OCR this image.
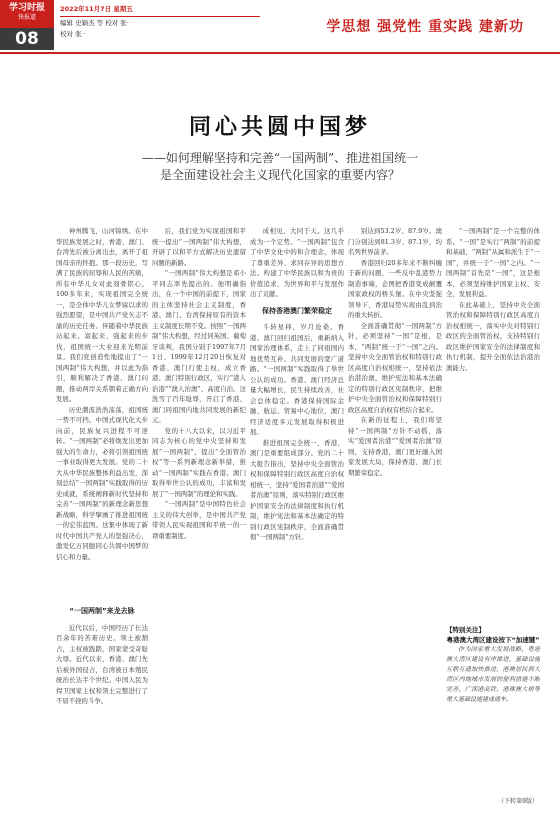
学习时报
快报道
08
2022年11月7日 星期五
编辑 史颖杰 等 校对 张·
校对 张 ·	学思想 强党性 重实践 建新功
同心共圆中国梦
——如何理解坚持和完善“一国两制”、推进祖国统一
是全面建设社会主义现代化国家的重要内容？

神州腾飞，山河锦绣。在中华民族发展之时，香港、澳门、台湾先后被分离出去，离开了祖国母亲的怀抱。那一段历史，写满了民族的屈辱和人民的苦痛，所有中华儿女对此刻骨铭心。100多年来，实现祖国完全统一，是全体中华儿女梦寐以求的强烈愿望，是中国共产党矢志不渝的历史任务。伴随着中华民族站起来、富起来、强起来的步伐，祖国统一大业迎来光明前景。我们党创造性地提出了“一国两制”伟大构想，并以此为指引，顺利解决了香港、澳门问题，推动两岸关系朝着正确方向发展。

历史潮流浩浩荡荡，祖国统一势不可挡。中国式现代化大步向前，民族复兴进程不可逆转。“一国两制”必将焕发出更加强大的生命力，必将引领祖国统一事业取得更大发展。党的二十大从中华民族整体利益出发，深刻总结“一国两制”实践取得的历史成就，系统阐释新时代坚持和完善“一国两制”的新理念新思想新战略，科学擘画了推进祖国统一的宏伟蓝图。这集中体现了新时代中国共产党人的坚强决心，激发亿万同胞同心共圆中国梦的信心和力量。

“一国两制”来龙去脉

近代以后，中国经历了长达百余年的苦难历史。领土被割占，主权被践踏，国家蒙受奇耻大辱。近代以来，香港、澳门先后被外国侵占，台湾被日本殖民统治长达半个世纪。中国人民为捍卫国家主权和领土完整进行了不屈不挠的斗争。

后，我们党为实现祖国和平统一提出“一国两制”伟大构想，开辟了以和平方式解决历史遗留问题的新路。

“一国两制”伟大构想是邓小平同志率先提出的。他明确指出，在一个中国的前提下，国家的主体坚持社会主义制度，香港、澳门、台湾保持原有的资本主义制度长期不变。按照“一国两制”伟大构想，经过同英国、葡萄牙谈判，我国分别于1997年7月1日、1999年12月20日恢复对香港、澳门行使主权，成立香港、澳门特别行政区，实行“港人治港”“澳人治澳”、高度自治。这洗雪了百年耻辱，开启了香港、澳门同祖国内地共同发展的新纪元。

党的十八大以来，以习近平同志为核心的党中央坚持和发展“一国两制”，提出“全面管治权”等一系列新理念新举措，推动“一国两制”实践在香港、澳门取得举世公认的成功，丰富和发展了“一国两制”的理论和实践。

“一国两制”是中国特色社会主义的伟大创举，是中国共产党带领人民实现祖国和平统一的一项重要制度。

成相见、大同于天。这几乎成为一个定势。“一国两制”包含了中华文化中的和合理念，体现了尊重差异、求同存异的思想方法。构建了中华民族以和为贵的价值追求，为世界和平与发展作出了贡献。

保持香港澳门繁荣稳定

斗转星移，岁月沧桑。香港、澳门回归祖国后，重新纳入国家治理体系，走上了同祖国内地优势互补、共同发展的宽广道路。“一国两制”实践取得了举世公认的成功。香港、澳门经济总量大幅增长，民生持续改善，社会总体稳定。香港保持国际金融、航运、贸易中心地位，澳门经济适度多元发展取得积极进展。

推进祖国完全统一，香港、澳门是重要组成部分。党的二十大报告指出，坚持中央全面管治权和保障特别行政区高度自治权相统一，坚持“爱国者治港”“爱国者治澳”原则，落实特别行政区维护国家安全的法律制度和执行机制，维护宪法和基本法确定的特别行政区宪制秩序，全面准确贯彻“一国两制”方针。

别达到53.2岁、87.9岁。澳门分别达到81.3岁、87.1岁，均名列世界前茅。

香港回归20多年来不断纠缠于新的问题，一些反中乱港势力制造事端，企图把香港变成颠覆国家政权的桥头堡。在中央坚强领导下，香港局势实现由乱到治的重大转折。

全面准确贯彻“一国两制”方针，必须坚持“一国”是根、是本，“两制”统一于“一国”之内。坚持中央全面管治权和特别行政区高度自治权相统一，坚持依法治港治澳，维护宪法和基本法确定的特别行政区宪制秩序，把维护中央全面管治权和保障特别行政区高度自治权有机结合起来。

在新的征程上，我们将坚持“一国两制”方针不动摇，落实“爱国者治港”“爱国者治澳”原则，支持香港、澳门更好融入国家发展大局，保持香港、澳门长期繁荣稳定。

“一国两制”是一个完整的体系。“一国”是实行“两制”的前提和基础，“两制”从属和派生于“一国”，并统一于“一国”之内。“一国两制”首先是“一国”，这是根本，必须坚持维护国家主权、安全、发展利益。

在此基础上，坚持中央全面管治权和保障特别行政区高度自治权相统一，落实中央对特别行政区的全面管治权，支持特别行政区维护国家安全的法律制度和执行机制，提升全面依法治港治澳能力。

【特别关注】
粤港澳大湾区建设按下“加速键”

作为国家重大发展战略，粤港澳大湾区建设有序推进，基础设施互联互通加快推进，港澳居民到大湾区内地城市发展的便利措施不断完善，广深港高铁、港珠澳大桥等重大基础设施建成通车。

（下转第9版）
